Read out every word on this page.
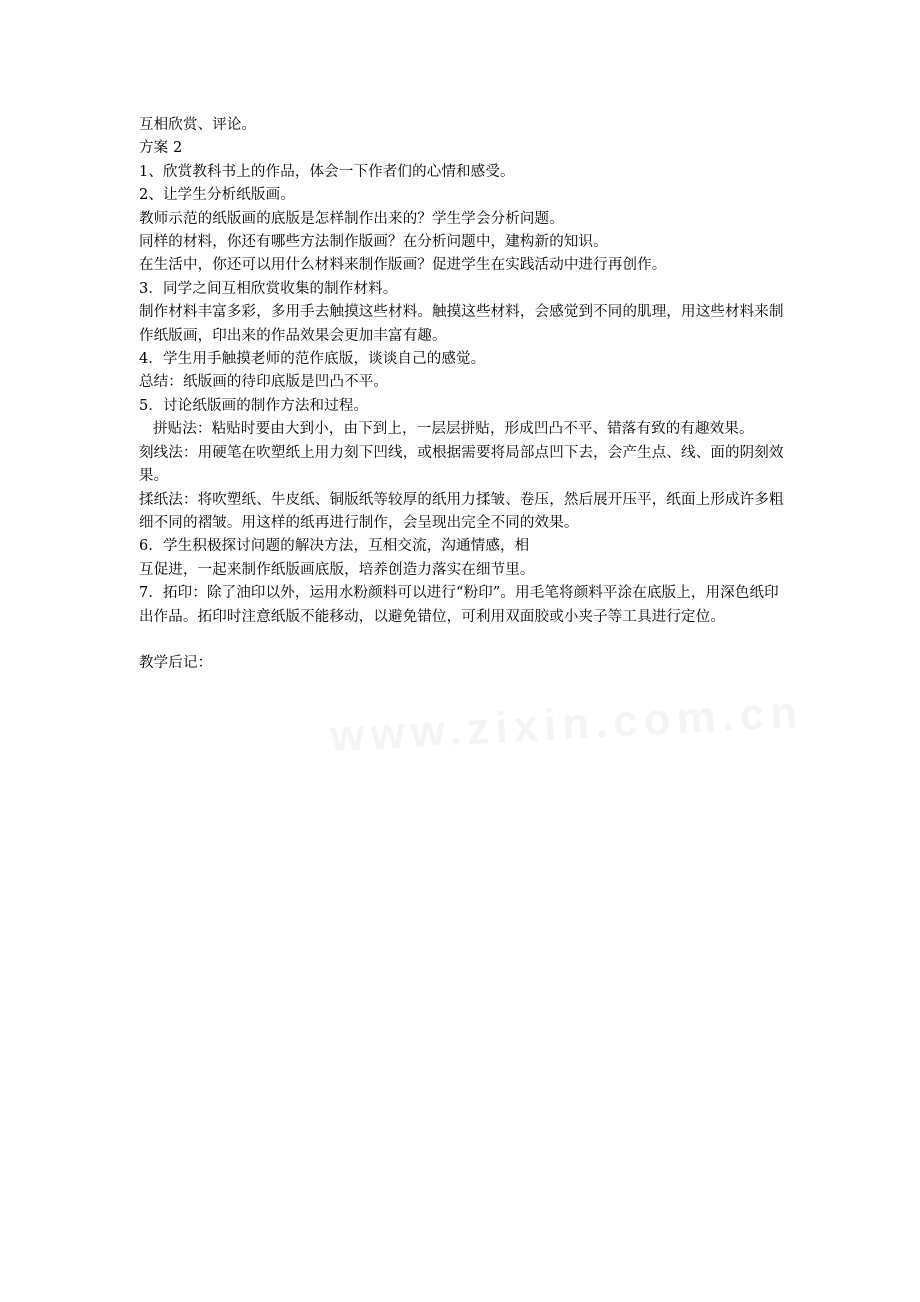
www.zixin.com.cn

互相欣赏、评论。

方案 2

1、欣赏教科书上的作品，体会一下作者们的心情和感受。

2、让学生分析纸版画。

教师示范的纸版画的底版是怎样制作出来的？学生学会分析问题。

同样的材料，你还有哪些方法制作版画？在分析问题中，建构新的知识。

在生活中，你还可以用什么材料来制作版画？促进学生在实践活动中进行再创作。

3．同学之间互相欣赏收集的制作材料。

制作材料丰富多彩，多用手去触摸这些材料。触摸这些材料，会感觉到不同的肌理，用这些材料来制作纸版画，印出来的作品效果会更加丰富有趣。

4．学生用手触摸老师的范作底版，谈谈自己的感觉。

总结：纸版画的待印底版是凹凸不平。

5．讨论纸版画的制作方法和过程。

拼贴法：粘贴时要由大到小，由下到上，一层层拼贴，形成凹凸不平、错落有致的有趣效果。

刻线法：用硬笔在吹塑纸上用力刻下凹线，或根据需要将局部点凹下去，会产生点、线、面的阴刻效果。

揉纸法：将吹塑纸、牛皮纸、铜版纸等较厚的纸用力揉皱、卷压，然后展开压平，纸面上形成许多粗细不同的褶皱。用这样的纸再进行制作，会呈现出完全不同的效果。

6．学生积极探讨问题的解决方法，互相交流，沟通情感，相

互促进，一起来制作纸版画底版，培养创造力落实在细节里。

7．拓印：除了油印以外，运用水粉颜料可以进行“粉印”。用毛笔将颜料平涂在底版上，用深色纸印出作品。拓印时注意纸版不能移动，以避免错位，可利用双面胶或小夹子等工具进行定位。

教学后记：
